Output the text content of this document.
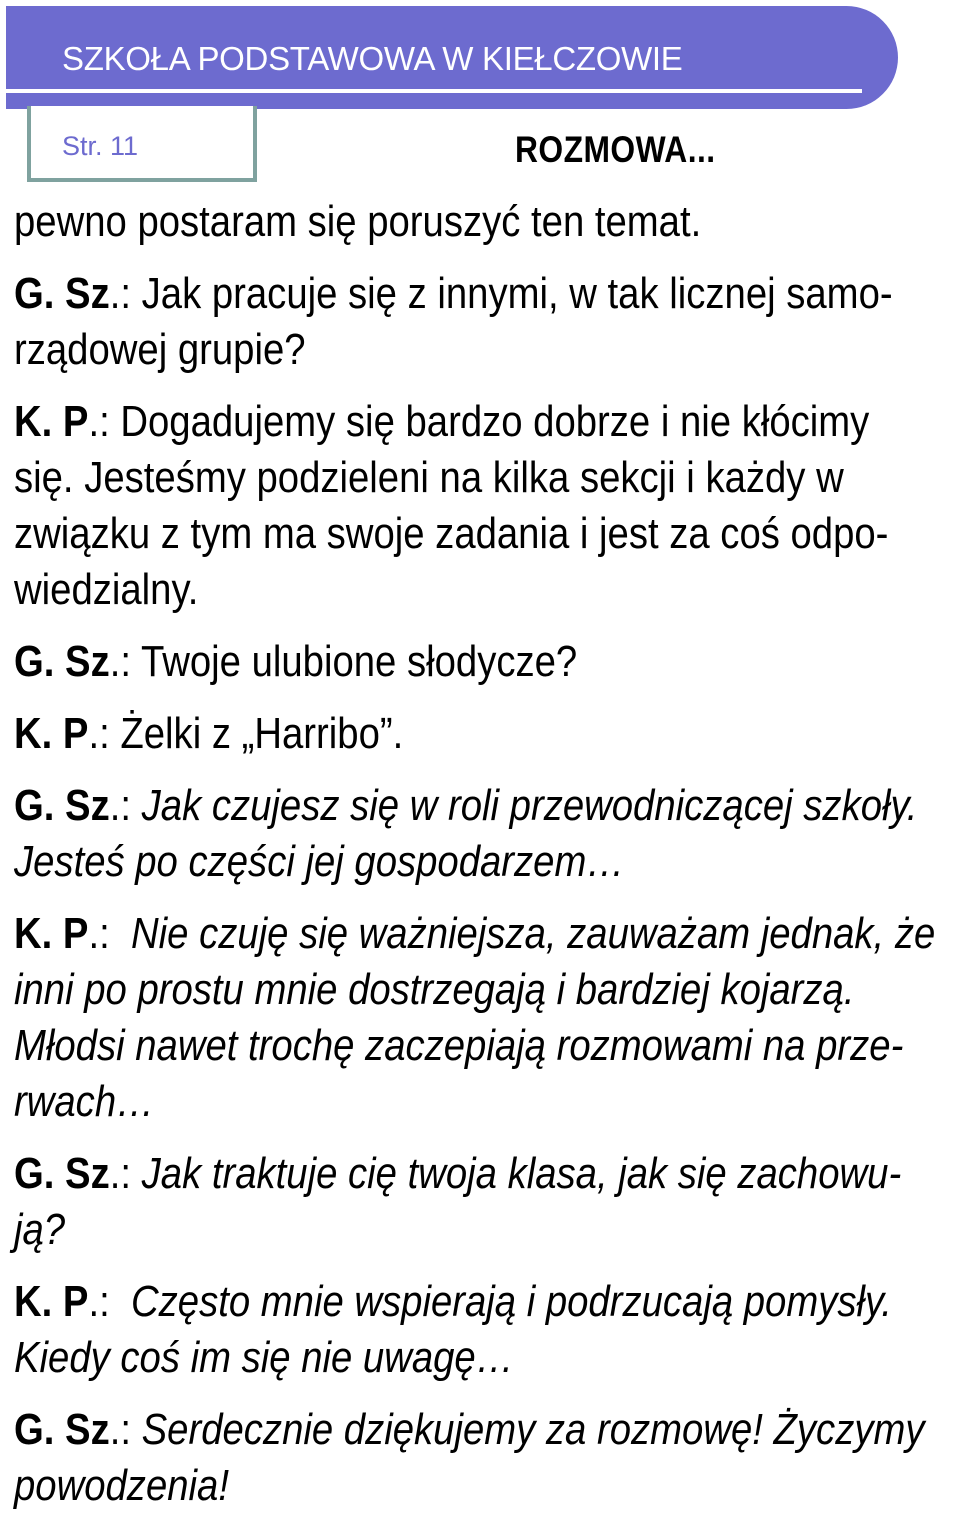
SZKOŁA PODSTAWOWA W KIEŁCZOWIE
Str. 11	ROZMOWA...
pewno postaram się poruszyć ten temat.
G. Sz.: Jak pracuje się z innymi, w tak licznej samo-
rządowej grupie?
K. P.: Dogadujemy się bardzo dobrze i nie kłócimy
się. Jesteśmy podzieleni na kilka sekcji i każdy w
związku z tym ma swoje zadania i jest za coś odpo-
wiedzialny.
G. Sz.: Twoje ulubione słodycze?
K. P.: Żelki z „Harribo”.
G. Sz.: Jak czujesz się w roli przewodniczącej szkoły.
Jesteś po części jej gospodarzem…
K. P.:  Nie czuję się ważniejsza, zauważam jednak, że
inni po prostu mnie dostrzegają i bardziej kojarzą.
Młodsi nawet trochę zaczepiają rozmowami na prze-
rwach…
G. Sz.: Jak traktuje cię twoja klasa, jak się zachowu-
ją?
K. P.:  Często mnie wspierają i podrzucają pomysły.
Kiedy coś im się nie uwagę…
G. Sz.: Serdecznie dziękujemy za rozmowę! Życzymy
powodzenia!
